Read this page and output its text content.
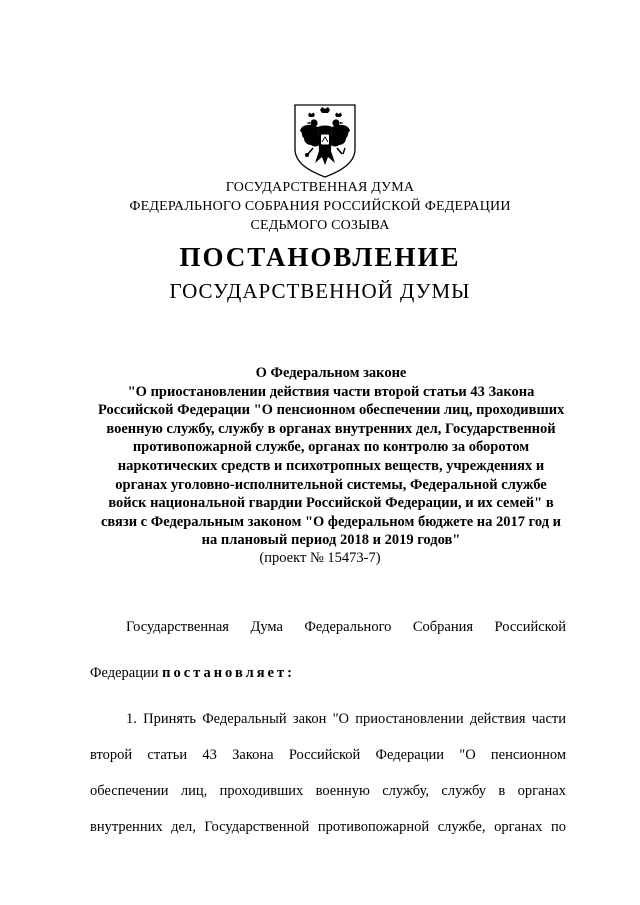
ГОСУДАРСТВЕННАЯ ДУМА
ФЕДЕРАЛЬНОГО СОБРАНИЯ РОССИЙСКОЙ ФЕДЕРАЦИИ
СЕДЬМОГО СОЗЫВА
ПОСТАНОВЛЕНИЕ
ГОСУДАРСТВЕННОЙ ДУМЫ
О Федеральном законе
"О приостановлении действия части второй статьи 43 Закона
Российской Федерации "О пенсионном обеспечении лиц, проходивших
военную службу, службу в органах внутренних дел, Государственной
противопожарной службе, органах по контролю за оборотом
наркотических средств и психотропных веществ, учреждениях и
органах уголовно-исполнительной системы, Федеральной службе
войск национальной гвардии Российской Федерации, и их семей" в
связи с Федеральным законом "О федеральном бюджете на 2017 год и
на плановый период 2018 и 2019 годов"
(проект № 15473-7)
Государственная Дума Федерального Собрания Российской
Федерации постановляет:
1. Принять Федеральный закон "О приостановлении действия части
второй статьи 43 Закона Российской Федерации "О пенсионном
обеспечении лиц, проходивших военную службу, службу в органах
внутренних дел, Государственной противопожарной службе, органах по
